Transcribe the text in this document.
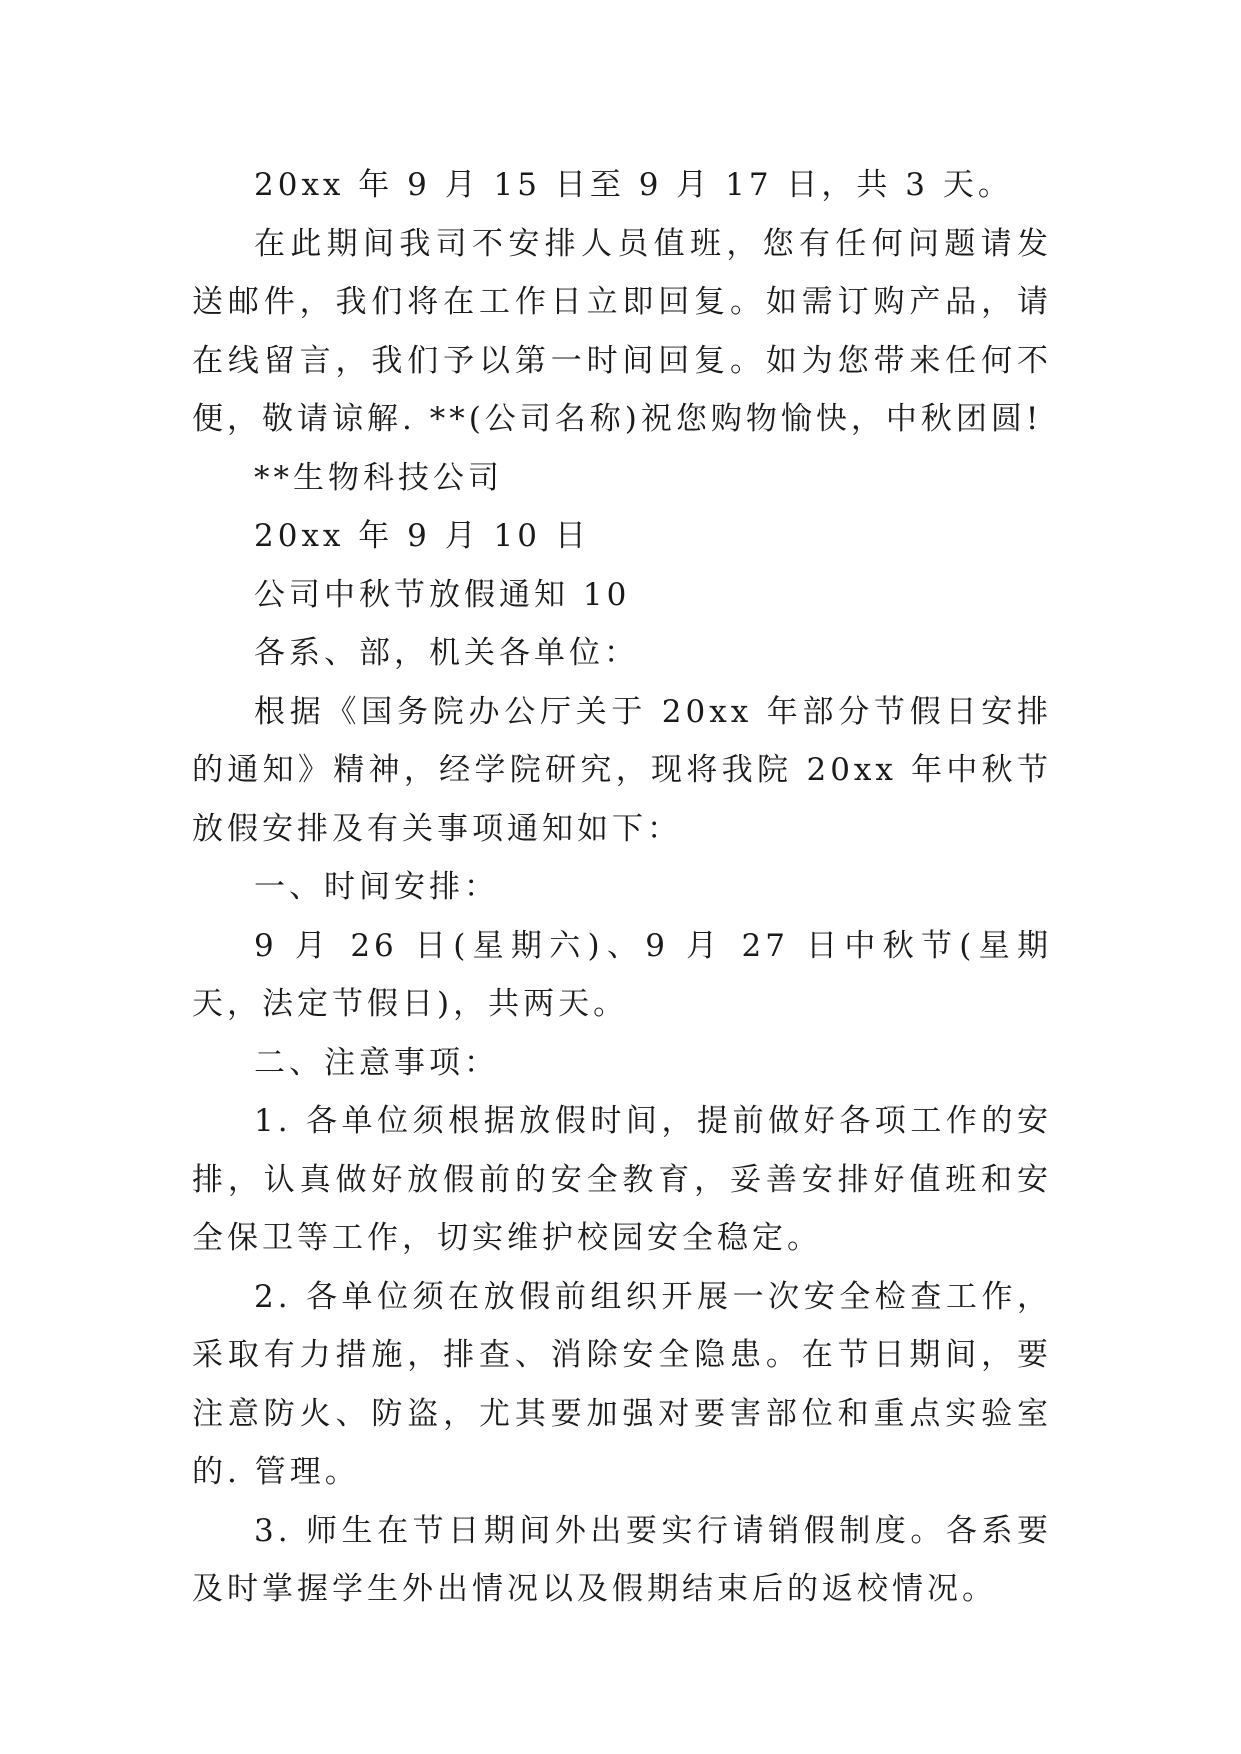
20xx 年 9 月 15 日至 9 月 17 日，共 3 天。

在此期间我司不安排人员值班，您有任何问题请发送邮件，我们将在工作日立即回复。如需订购产品，请在线留言，我们予以第一时间回复。如为您带来任何不便，敬请谅解. **(公司名称)祝您购物愉快，中秋团圆!

**生物科技公司

20xx 年 9 月 10 日

公司中秋节放假通知 10

各系、部，机关各单位：

根据《国务院办公厅关于 20xx 年部分节假日安排的通知》精神，经学院研究，现将我院 20xx 年中秋节放假安排及有关事项通知如下：

一、时间安排：

9 月 26 日(星期六)、9 月 27 日中秋节(星期天，法定节假日)，共两天。

二、注意事项：

1. 各单位须根据放假时间，提前做好各项工作的安排，认真做好放假前的安全教育，妥善安排好值班和安全保卫等工作，切实维护校园安全稳定。

2. 各单位须在放假前组织开展一次安全检查工作，采取有力措施，排查、消除安全隐患。在节日期间，要注意防火、防盗，尤其要加强对要害部位和重点实验室的. 管理。

3. 师生在节日期间外出要实行请销假制度。各系要及时掌握学生外出情况以及假期结束后的返校情况。
